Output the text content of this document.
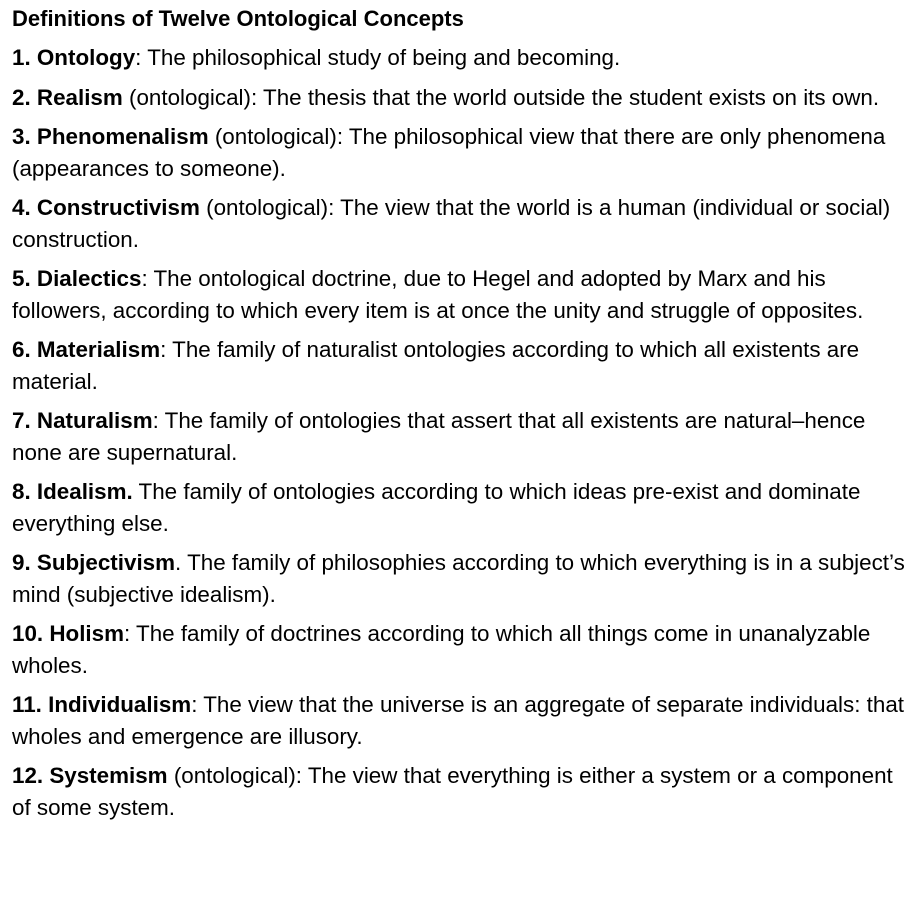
Definitions of Twelve Ontological Concepts
1. Ontology: The philosophical study of being and becoming.
2. Realism (ontological): The thesis that the world outside the student exists on its own.
3. Phenomenalism (ontological): The philosophical view that there are only phenomena (appearances to someone).
4. Constructivism (ontological): The view that the world is a human (individual or social) construction.
5. Dialectics: The ontological doctrine, due to Hegel and adopted by Marx and his followers, according to which every item is at once the unity and struggle of opposites.
6. Materialism: The family of naturalist ontologies according to which all existents are material.
7. Naturalism: The family of ontologies that assert that all existents are natural–hence none are supernatural.
8. Idealism. The family of ontologies according to which ideas pre-exist and dominate everything else.
9. Subjectivism. The family of philosophies according to which everything is in a subject’s mind (subjective idealism).
10. Holism: The family of doctrines according to which all things come in unanalyzable wholes.
11. Individualism: The view that the universe is an aggregate of separate individuals: that wholes and emergence are illusory.
12. Systemism (ontological): The view that everything is either a system or a component of some system.
